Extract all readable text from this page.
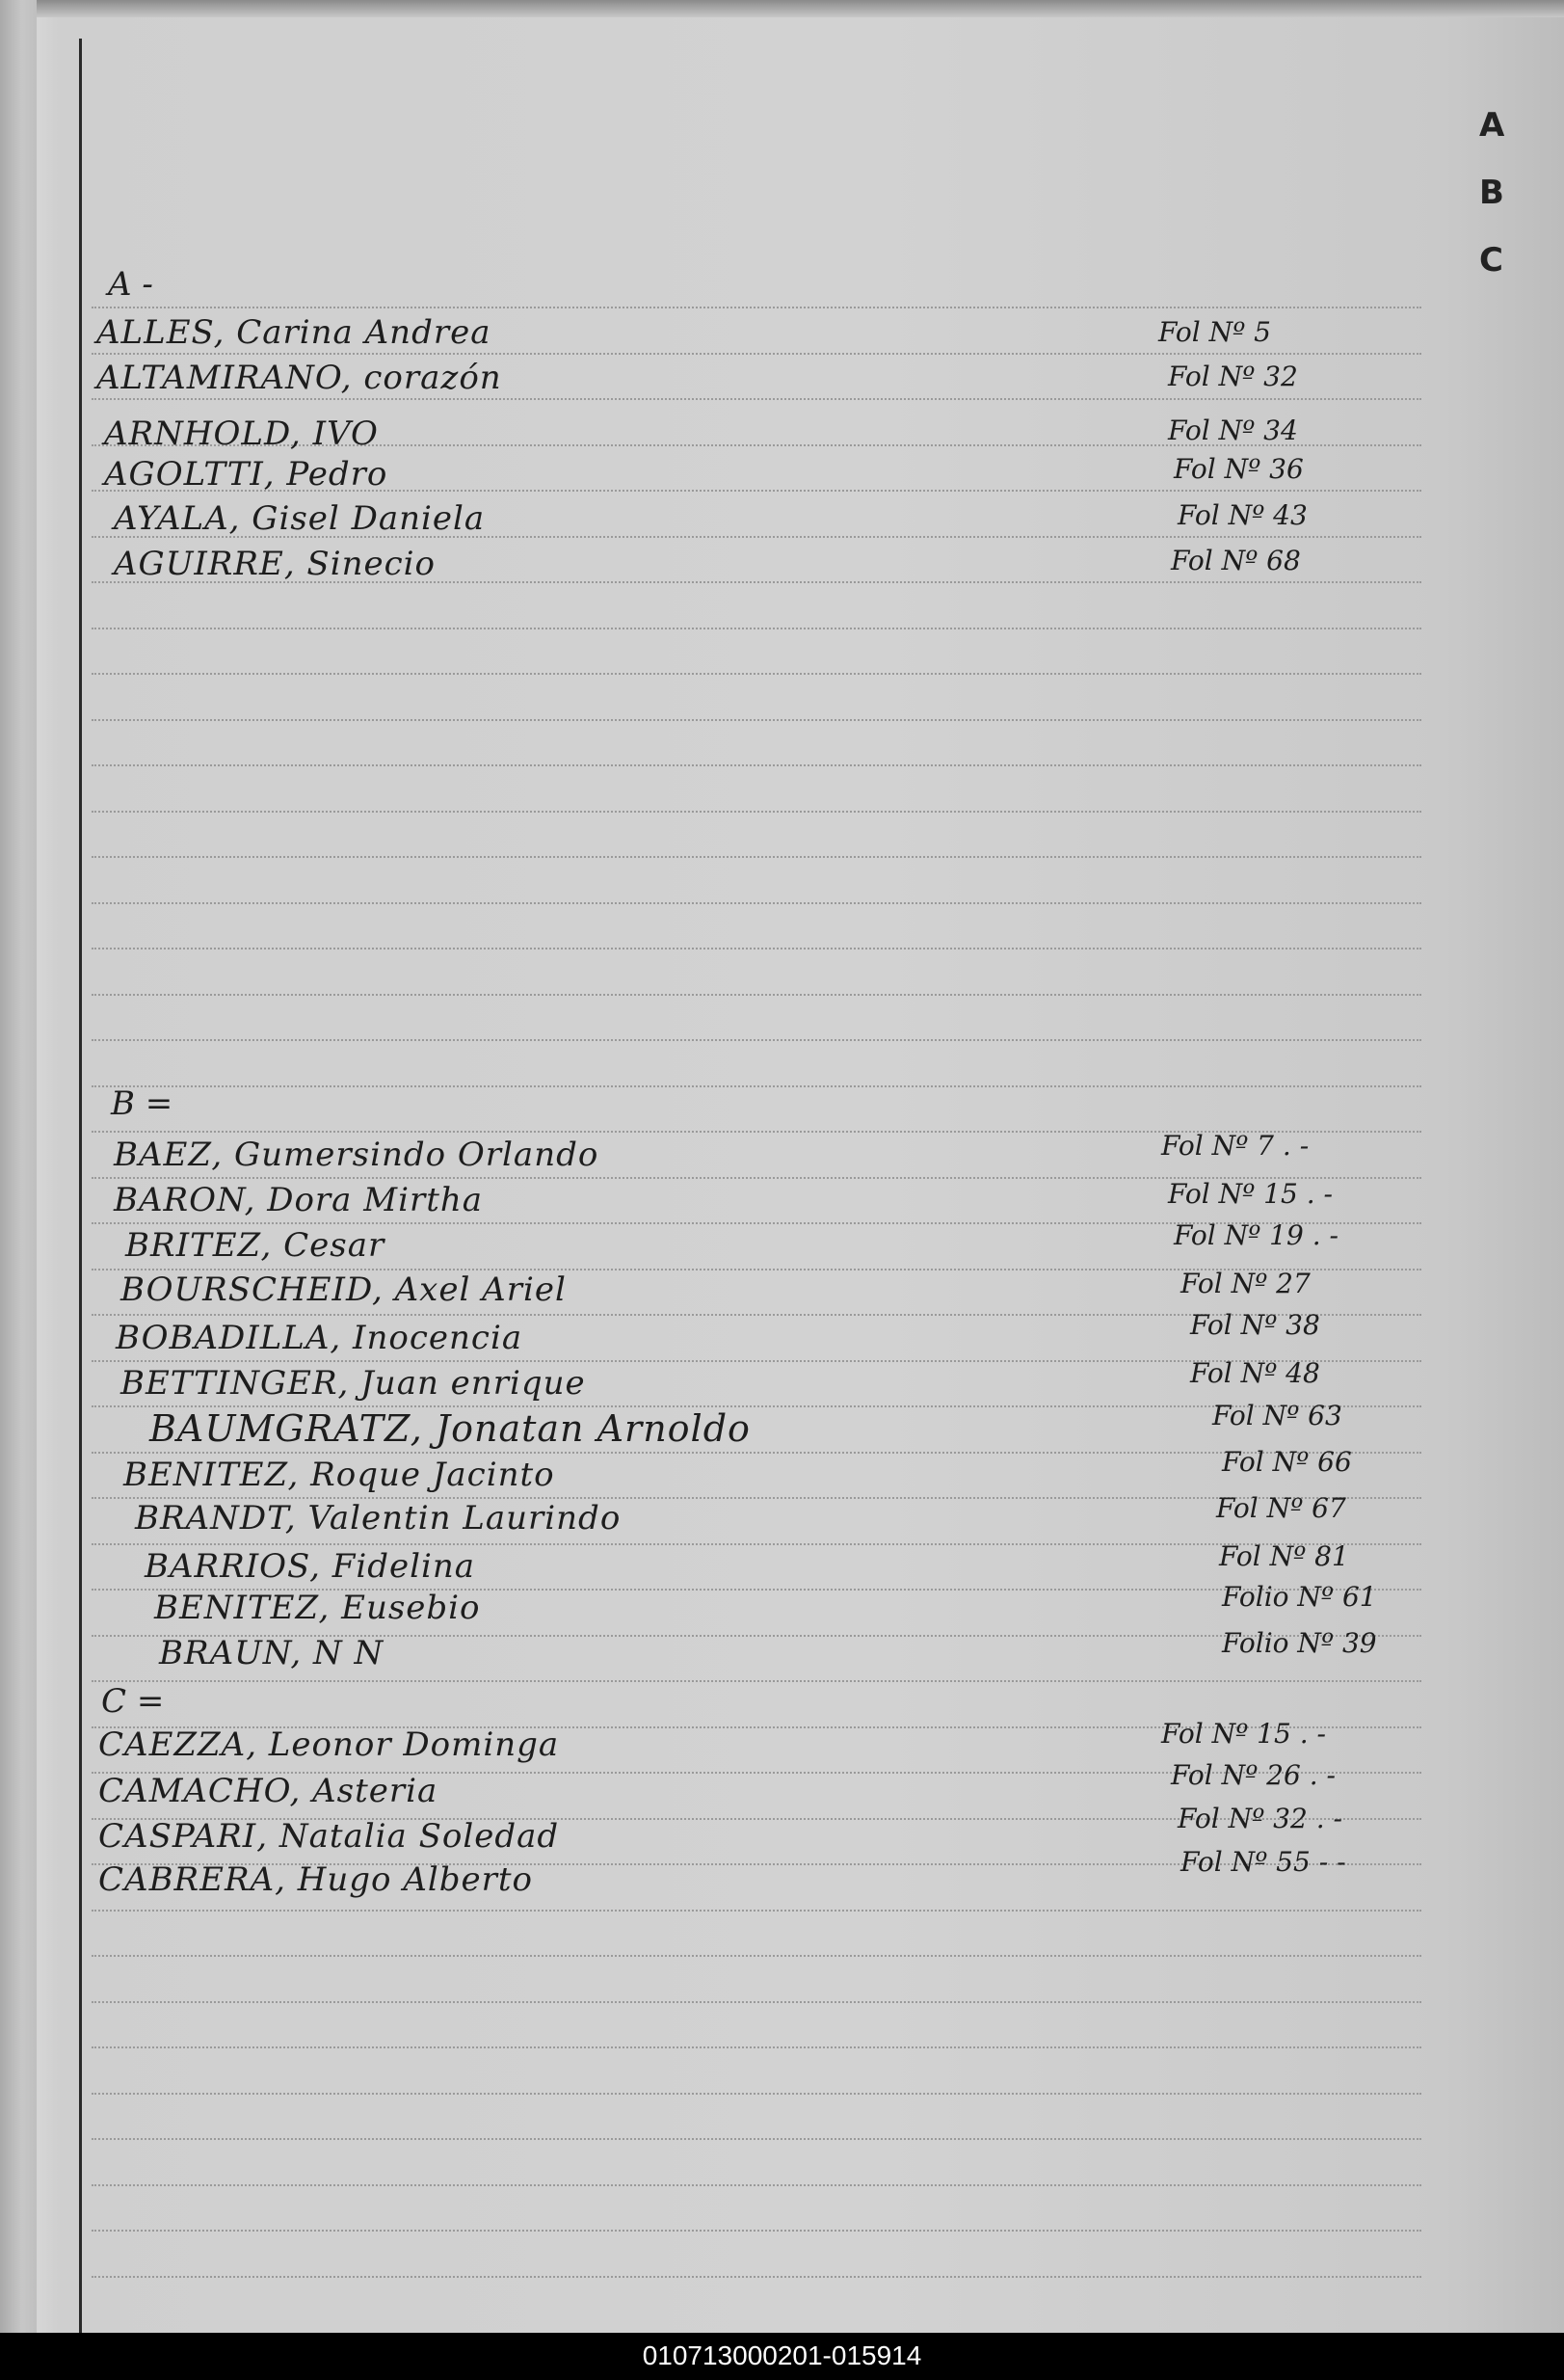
A
B
C
A -
ALLES, Carina Andrea	Fol Nº 5
ALTAMIRANO, corazón	Fol Nº 32
ARNHOLD, IVO	Fol Nº 34
AGOLTTI, Pedro	Fol Nº 36
AYALA, Gisel Daniela	Fol Nº 43
AGUIRRE, Sinecio	Fol Nº 68
B =
BAEZ, Gumersindo Orlando	Fol Nº 7 . -
BARON, Dora Mirtha	Fol Nº 15 . -
BRITEZ, Cesar	Fol Nº 19 . -
BOURSCHEID, Axel Ariel	Fol Nº 27
BOBADILLA, Inocencia	Fol Nº 38
BETTINGER, Juan enrique	Fol Nº 48
BAUMGRATZ, Jonatan Arnoldo	Fol Nº 63
BENITEZ, Roque Jacinto	Fol Nº 66
BRANDT, Valentin Laurindo	Fol Nº 67
BARRIOS, Fidelina	Fol Nº 81
BENITEZ, Eusebio	Folio Nº 61
BRAUN, N N	Folio Nº 39
C =
CAEZZA, Leonor Dominga	Fol Nº 15 . -
CAMACHO, Asteria	Fol Nº 26 . -
CASPARI, Natalia Soledad	Fol Nº 32 . -
CABRERA, Hugo Alberto	Fol Nº 55 - -
010713000201-015914
